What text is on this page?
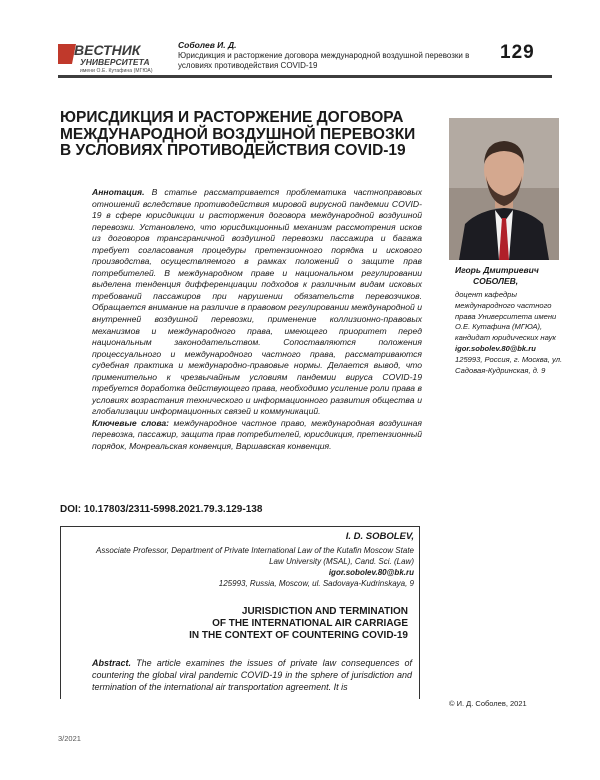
ВЕСТНИК
УНИВЕРСИТЕТА
имени О.Е. Кутафина (МГЮА)
Соболев И. Д.
Юрисдикция и расторжение договора международной воздушной перевозки в условиях противодействия COVID-19
129
ЮРИСДИКЦИЯ И РАСТОРЖЕНИЕ ДОГОВОРА МЕЖДУНАРОДНОЙ ВОЗДУШНОЙ ПЕРЕВОЗКИ В УСЛОВИЯХ ПРОТИВОДЕЙСТВИЯ COVID-19
Аннотация. В статье рассматривается проблематика частноправовых отношений вследствие противодействия мировой вирусной пандемии COVID-19 в сфере юрисдикции и расторжения договора международной воздушной перевозки. Установлено, что юрисдикционный механизм рассмотрения исков из договоров трансграничной воздушной перевозки пассажира и багажа требует согласования процедуры претензионного порядка и искового производства, осуществляемого в рамках положений о защите прав потребителей. В международном праве и национальном регулировании выделена тенденция дифференциации подходов к различным видам исковых требований пассажиров при нарушении обязательств перевозчиков. Обращается внимание на различие в правовом регулировании международной и внутренней воздушной перевозки, применение коллизионно-правовых механизмов и международного права, имеющего приоритет перед национальным законодательством. Сопоставляются положения процессуального и международного частного права, рассматриваются судебная практика и международно-правовые нормы. Делается вывод, что применительно к чрезвычайным условиям пандемии вируса COVID-19 требуется доработка действующего права, необходимо усиление роли права в условиях возрастания технического и информационного развития общества и глобализации информационных связей и коммуникаций.
Ключевые слова: международное частное право, международная воздушная перевозка, пассажир, защита прав потребителей, юрисдикция, претензионный порядок, Монреальская конвенция, Варшавская конвенция.
DOI: 10.17803/2311-5998.2021.79.3.129-138
I. D. SOBOLEV,
Associate Professor, Department of Private International Law of the Kutafin Moscow State Law University (MSAL), Cand. Sci. (Law)
igor.sobolev.80@bk.ru
125993, Russia, Moscow, ul. Sadovaya-Kudrinskaya, 9
JURISDICTION AND TERMINATION
OF THE INTERNATIONAL AIR CARRIAGE
IN THE CONTEXT OF COUNTERING COVID-19
Abstract. The article examines the issues of private law consequences of countering the global viral pandemic COVID-19 in the sphere of jurisdiction and termination of the international air transportation agreement. It is
Игорь Дмитриевич
СОБОЛЕВ,
доцент кафедры международного частного права Университета имени О.Е. Кутафина (МГЮА), кандидат юридических наук
igor.sobolev.80@bk.ru
125993, Россия, г. Москва, ул. Садовая-Кудринская, д. 9
© И. Д. Соболев, 2021
3/2021
